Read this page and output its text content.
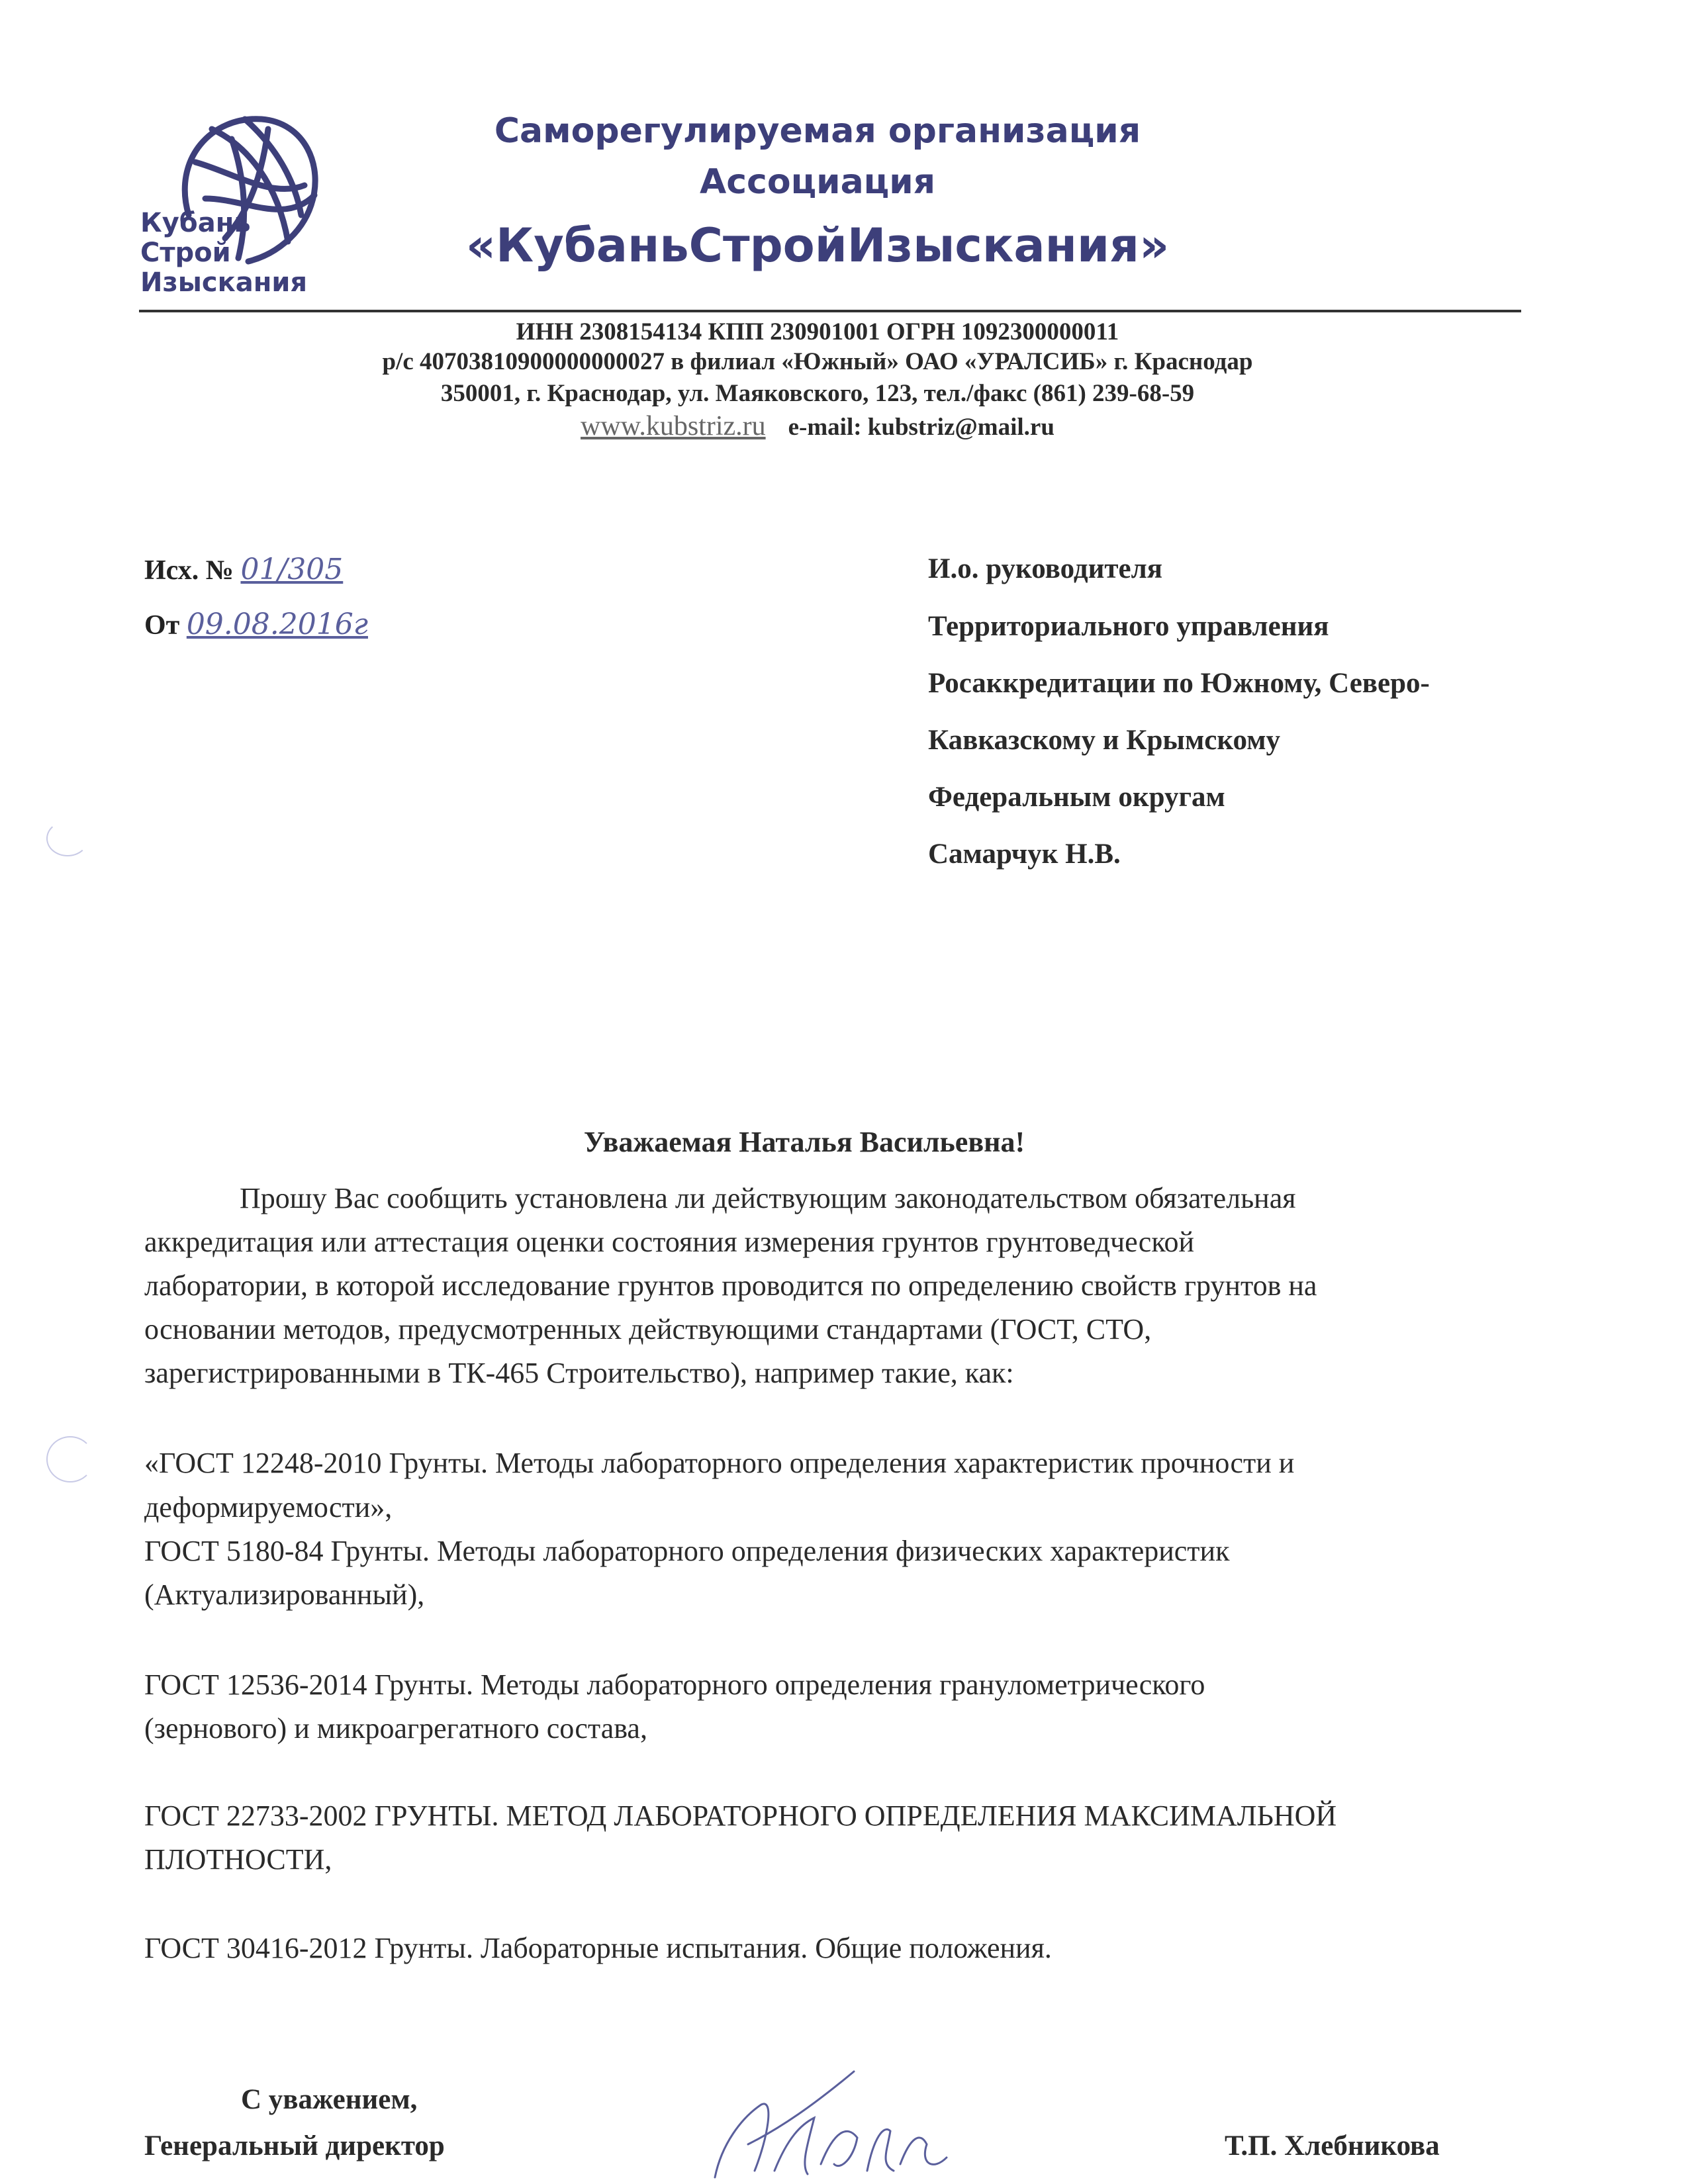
Кубань
Строй
Изыскания
Саморегулируемая организация
Ассоциация
«КубаньСтройИзыскания»
ИНН 2308154134 КПП 230901001 ОГРН 1092300000011
р/с 40703810900000000027 в филиал «Южный» ОАО «УРАЛСИБ» г. Краснодар
350001, г. Краснодар, ул. Маяковского, 123, тел./факс (861) 239-68-59
www.kubstriz.ru e-mail: kubstriz@mail.ru
Исх. № 01/305
От 09.08.2016г
И.о. руководителя
Территориального управления
Росаккредитации по Южному, Северо-
Кавказскому и Крымскому
Федеральным округам
Самарчук Н.В.
Уважаемая Наталья Васильевна!
Прошу Вас сообщить установлена ли действующим законодательством обязательная
аккредитация или аттестация оценки состояния измерения грунтов грунтоведческой
лаборатории, в которой исследование грунтов проводится по определению свойств грунтов на
основании методов, предусмотренных действующими стандартами (ГОСТ, СТО,
зарегистрированными в ТК-465 Строительство), например такие, как:
«ГОСТ 12248-2010 Грунты. Методы лабораторного определения характеристик прочности и
деформируемости»,
ГОСТ 5180-84 Грунты. Методы лабораторного определения физических характеристик
(Актуализированный),
ГОСТ 12536-2014 Грунты. Методы лабораторного определения гранулометрического
(зернового) и микроагрегатного состава,
ГОСТ 22733-2002 ГРУНТЫ. МЕТОД ЛАБОРАТОРНОГО ОПРЕДЕЛЕНИЯ МАКСИМАЛЬНОЙ
ПЛОТНОСТИ,
ГОСТ 30416-2012 Грунты. Лабораторные испытания. Общие положения.
С уважением,
Генеральный директор	Т.П. Хлебникова
